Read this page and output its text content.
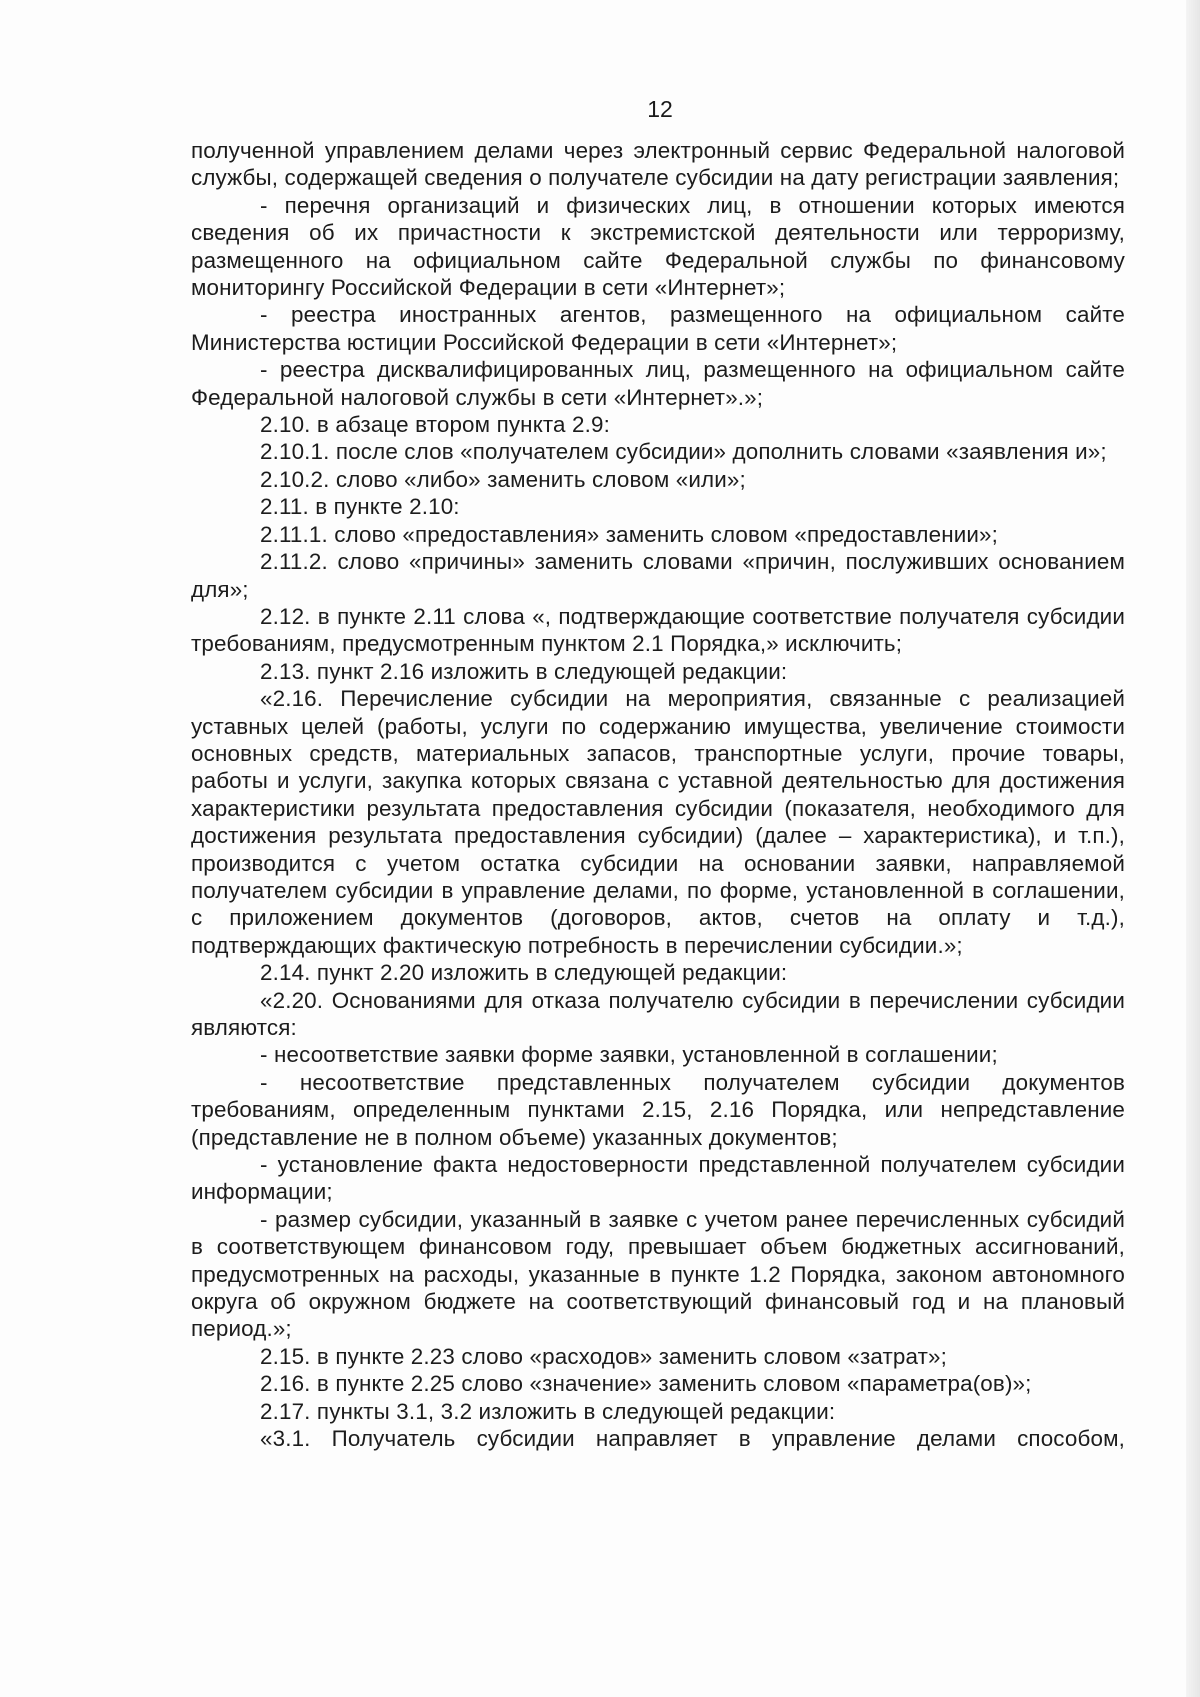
12

полученной управлением делами через электронный сервис Федеральной налоговой службы, содержащей сведения о получателе субсидии на дату регистрации заявления;

- перечня организаций и физических лиц, в отношении которых имеются сведения об их причастности к экстремистской деятельности или терроризму, размещенного на официальном сайте Федеральной службы по финансовому мониторингу Российской Федерации в сети «Интернет»;

- реестра иностранных агентов, размещенного на официальном сайте Министерства юстиции Российской Федерации в сети «Интернет»;

- реестра дисквалифицированных лиц, размещенного на официальном сайте Федеральной налоговой службы в сети «Интернет».»;

2.10. в абзаце втором пункта 2.9:

2.10.1. после слов «получателем субсидии» дополнить словами «заявления и»;

2.10.2. слово «либо» заменить словом «или»;

2.11. в пункте 2.10:

2.11.1. слово «предоставления» заменить словом «предоставлении»;

2.11.2. слово «причины» заменить словами «причин, послуживших основанием для»;

2.12. в пункте 2.11 слова «, подтверждающие соответствие получателя субсидии требованиям, предусмотренным пунктом 2.1 Порядка,» исключить;

2.13. пункт 2.16 изложить в следующей редакции:

«2.16. Перечисление субсидии на мероприятия, связанные с реализацией уставных целей (работы, услуги по содержанию имущества, увеличение стоимости основных средств, материальных запасов, транспортные услуги, прочие товары, работы и услуги, закупка которых связана с уставной деятельностью для достижения характеристики результата предоставления субсидии (показателя, необходимого для достижения результата предоставления субсидии) (далее – характеристика), и т.п.), производится с учетом остатка субсидии на основании заявки, направляемой получателем субсидии в управление делами, по форме, установленной в соглашении, с приложением документов (договоров, актов, счетов на оплату и т.д.), подтверждающих фактическую потребность в перечислении субсидии.»;

2.14. пункт 2.20 изложить в следующей редакции:

«2.20. Основаниями для отказа получателю субсидии в перечислении субсидии являются:

- несоответствие заявки форме заявки, установленной в соглашении;

- несоответствие представленных получателем субсидии документов требованиям, определенным пунктами 2.15, 2.16 Порядка, или непредставление (представление не в полном объеме) указанных документов;

- установление факта недостоверности представленной получателем субсидии информации;

- размер субсидии, указанный в заявке с учетом ранее перечисленных субсидий в соответствующем финансовом году, превышает объем бюджетных ассигнований, предусмотренных на расходы, указанные в пункте 1.2 Порядка, законом автономного округа об окружном бюджете на соответствующий финансовый год и на плановый период.»;

2.15. в пункте 2.23 слово «расходов» заменить словом «затрат»;

2.16. в пункте 2.25 слово «значение» заменить словом «параметра(ов)»;

2.17. пункты 3.1, 3.2 изложить в следующей редакции:

«3.1. Получатель субсидии направляет в управление делами способом,
